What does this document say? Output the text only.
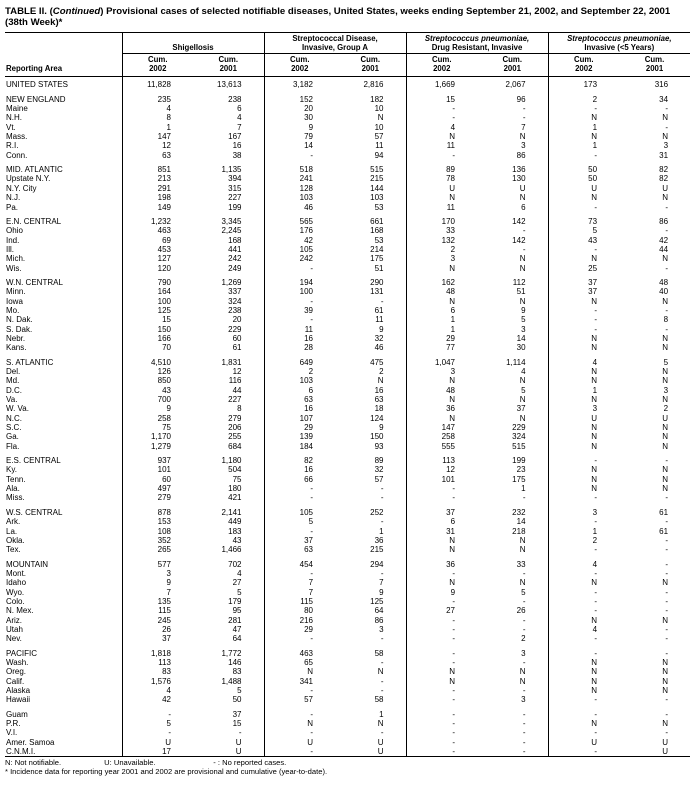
TABLE II. (Continued) Provisional cases of selected notifiable diseases, United States, weeks ending September 21, 2002, and September 22, 2001 (38th Week)*
Reporting Area	
Shigellosis

Streptococcal Disease,
Invasive, Group A

Streptococcus pneumoniae,
Drug Resistant, Invasive

Streptococcus pneumoniae,
Invasive (<5 Years)

Cum.
2002

Cum.
2001

Cum.
2002

Cum.
2001

Cum.
2002

Cum.
2001

Cum.
2002

Cum.
2001

UNITED STATES	11,828	13,613	3,182	2,816	1,669	2,067	173	316

NEW ENGLAND	235	238	152	182	15	96	2	34
Maine	4	6	20	10	-	-	-	-
N.H.	8	4	30	N	-	-	N	N
Vt.	1	7	9	10	4	7	1	-
Mass.	147	167	79	57	N	N	N	N
R.I.	12	16	14	11	11	3	1	3
Conn.	63	38	-	94	-	86	-	31

MID. ATLANTIC	851	1,135	518	515	89	136	50	82
Upstate N.Y.	213	394	241	215	78	130	50	82
N.Y. City	291	315	128	144	U	U	U	U
N.J.	198	227	103	103	N	N	N	N
Pa.	149	199	46	53	11	6	-	-

E.N. CENTRAL	1,232	3,345	565	661	170	142	73	86
Ohio	463	2,245	176	168	33	-	5	-
Ind.	69	168	42	53	132	142	43	42
Ill.	453	441	105	214	2	-	-	44
Mich.	127	242	242	175	3	N	N	N
Wis.	120	249	-	51	N	N	25	-

W.N. CENTRAL	790	1,269	194	290	162	112	37	48
Minn.	164	337	100	131	48	51	37	40
Iowa	100	324	-	-	N	N	N	N
Mo.	125	238	39	61	6	9	-	-
N. Dak.	15	20	-	11	1	5	-	8
S. Dak.	150	229	11	9	1	3	-	-
Nebr.	166	60	16	32	29	14	N	N
Kans.	70	61	28	46	77	30	N	N

S. ATLANTIC	4,510	1,831	649	475	1,047	1,114	4	5
Del.	126	12	2	2	3	4	N	N
Md.	850	116	103	N	N	N	N	N
D.C.	43	44	6	16	48	5	1	3
Va.	700	227	63	63	N	N	N	N
W. Va.	9	8	16	18	36	37	3	2
N.C.	258	279	107	124	N	N	U	U
S.C.	75	206	29	9	147	229	N	N
Ga.	1,170	255	139	150	258	324	N	N
Fla.	1,279	684	184	93	555	515	N	N

E.S. CENTRAL	937	1,180	82	89	113	199	-	-
Ky.	101	504	16	32	12	23	N	N
Tenn.	60	75	66	57	101	175	N	N
Ala.	497	180	-	-	-	1	N	N
Miss.	279	421	-	-	-	-	-	-

W.S. CENTRAL	878	2,141	105	252	37	232	3	61
Ark.	153	449	5	-	6	14	-	-
La.	108	183	-	1	31	218	1	61
Okla.	352	43	37	36	N	N	2	-
Tex.	265	1,466	63	215	N	N	-	-

MOUNTAIN	577	702	454	294	36	33	4	-
Mont.	3	4	-	-	-	-	-	-
Idaho	9	27	7	7	N	N	N	N
Wyo.	7	5	7	9	9	5	-	-
Colo.	135	179	115	125	-	-	-	-
N. Mex.	115	95	80	64	27	26	-	-
Ariz.	245	281	216	86	-	-	N	N
Utah	26	47	29	3	-	-	4	-
Nev.	37	64	-	-	-	2	-	-

PACIFIC	1,818	1,772	463	58	-	3	-	-
Wash.	113	146	65	-	-	-	N	N
Oreg.	83	83	N	N	N	N	N	N
Calif.	1,576	1,488	341	-	N	N	N	N
Alaska	4	5	-	-	-	-	N	N
Hawaii	42	50	57	58	-	3	-	-

Guam	-	37	-	1	-	-	-	-
P.R.	5	15	N	N	-	-	N	N
V.I.	-	-	-	-	-	-	-	-
Amer. Samoa	U	U	U	U	-	-	U	U
C.N.M.I.	17	U	-	U	-	-	-	U
N: Not notifiable.	U: Unavailable.	- : No reported cases.
* Incidence data for reporting year 2001 and 2002 are provisional and cumulative (year-to-date).
